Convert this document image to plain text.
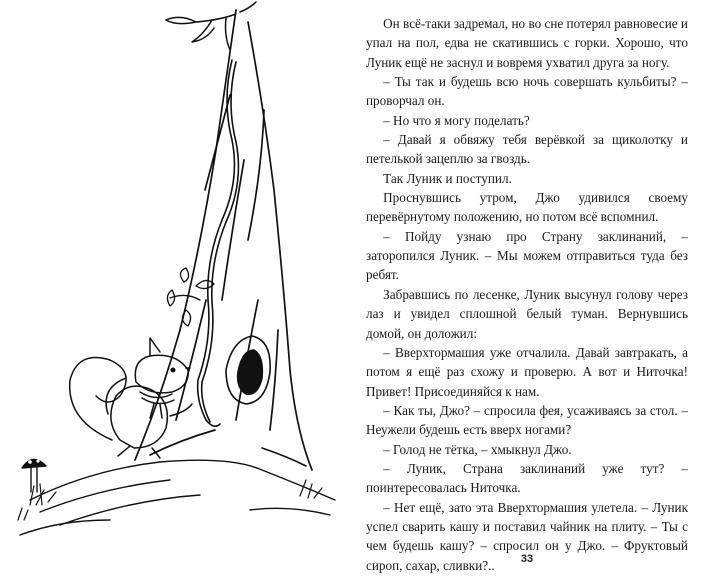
Он всё-таки задремал, но во сне потерял равновесие и упал на пол, едва не скатившись с горки. Хорошо, что Луник ещё не заснул и вовремя ухватил друга за ногу.

– Ты так и будешь всю ночь совершать кульбиты? – проворчал он.

– Но что я могу поделать?

– Давай я обвяжу тебя верёвкой за щиколотку и петелькой зацеплю за гвоздь.

Так Луник и поступил.

Проснувшись утром, Джо удивился своему перевёрнутому положению, но потом всё вспомнил.

– Пойду узнаю про Страну заклинаний, – заторопился Луник. – Мы можем отправиться туда без ребят.

Забравшись по лесенке, Луник высунул голову через лаз и увидел сплошной белый туман. Вернувшись домой, он доложил:

– Вверхтормашия уже отчалила. Давай завтракать, а потом я ещё раз схожу и проверю. А вот и Ниточка! Привет! Присоединяйся к нам.

– Как ты, Джо? – спросила фея, усаживаясь за стол. – Неужели будешь есть вверх ногами?

– Голод не тётка, – хмыкнул Джо.

– Луник, Страна заклинаний уже тут? – поинтересовалась Ниточка.

– Нет ещё, зато эта Вверхтормашия улетела. – Луник успел сварить кашу и поставил чайник на плиту. – Ты с чем будешь кашу? – спросил он у Джо. – Фруктовый сироп, сахар, сливки?..	33
